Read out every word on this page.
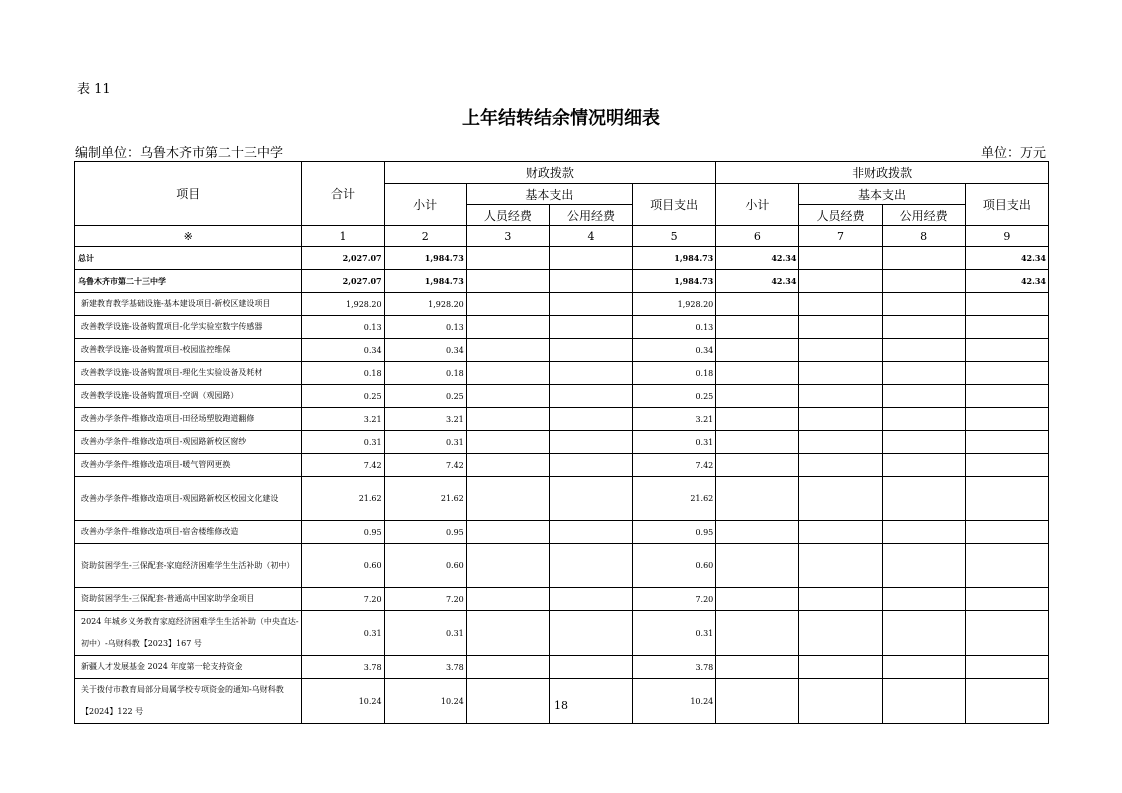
表 11
上年结转结余情况明细表
编制单位：乌鲁木齐市第二十三中学	单位：万元
项目	合计	财政拨款				非财政拨款			
		小计	基本支出		项目支出	小计	基本支出		项目支出
			人员经费	公用经费			人员经费	公用经费	
※	1	2	3	4	5	6	7	8	9
总计	2,027.07	1,984.73			1,984.73	42.34			42.34
乌鲁木齐市第二十三中学	2,027.07	1,984.73			1,984.73	42.34			42.34
新建教育教学基础设施-基本建设项目-新校区建设项目	1,928.20	1,928.20			1,928.20				
改善教学设施-设备购置项目-化学实验室数字传感器	0.13	0.13			0.13				
改善教学设施-设备购置项目-校园监控维保	0.34	0.34			0.34				
改善教学设施-设备购置项目-理化生实验设备及耗材	0.18	0.18			0.18				
改善教学设施-设备购置项目-空调（观园路）	0.25	0.25			0.25				
改善办学条件-维修改造项目-田径场塑胶跑道翻修	3.21	3.21			3.21				
改善办学条件-维修改造项目-观园路新校区窗纱	0.31	0.31			0.31				
改善办学条件-维修改造项目-暖气管网更换	7.42	7.42			7.42				
改善办学条件-维修改造项目-观园路新校区校园文化建设	21.62	21.62			21.62				
改善办学条件-维修改造项目-宿舍楼维修改造	0.95	0.95			0.95				
资助贫困学生-三保配套-家庭经济困难学生生活补助（初中）	0.60	0.60			0.60				
资助贫困学生-三保配套-普通高中国家助学金项目	7.20	7.20			7.20				
2024 年城乡义务教育家庭经济困难学生生活补助（中央直达-初中）-乌财科教【2023】167 号	0.31	0.31			0.31				
新疆人才发展基金 2024 年度第一轮支持资金	3.78	3.78			3.78				
关于拨付市教育局部分局属学校专项资金的通知-乌财科教【2024】122 号	10.24	10.24			10.24				
18
